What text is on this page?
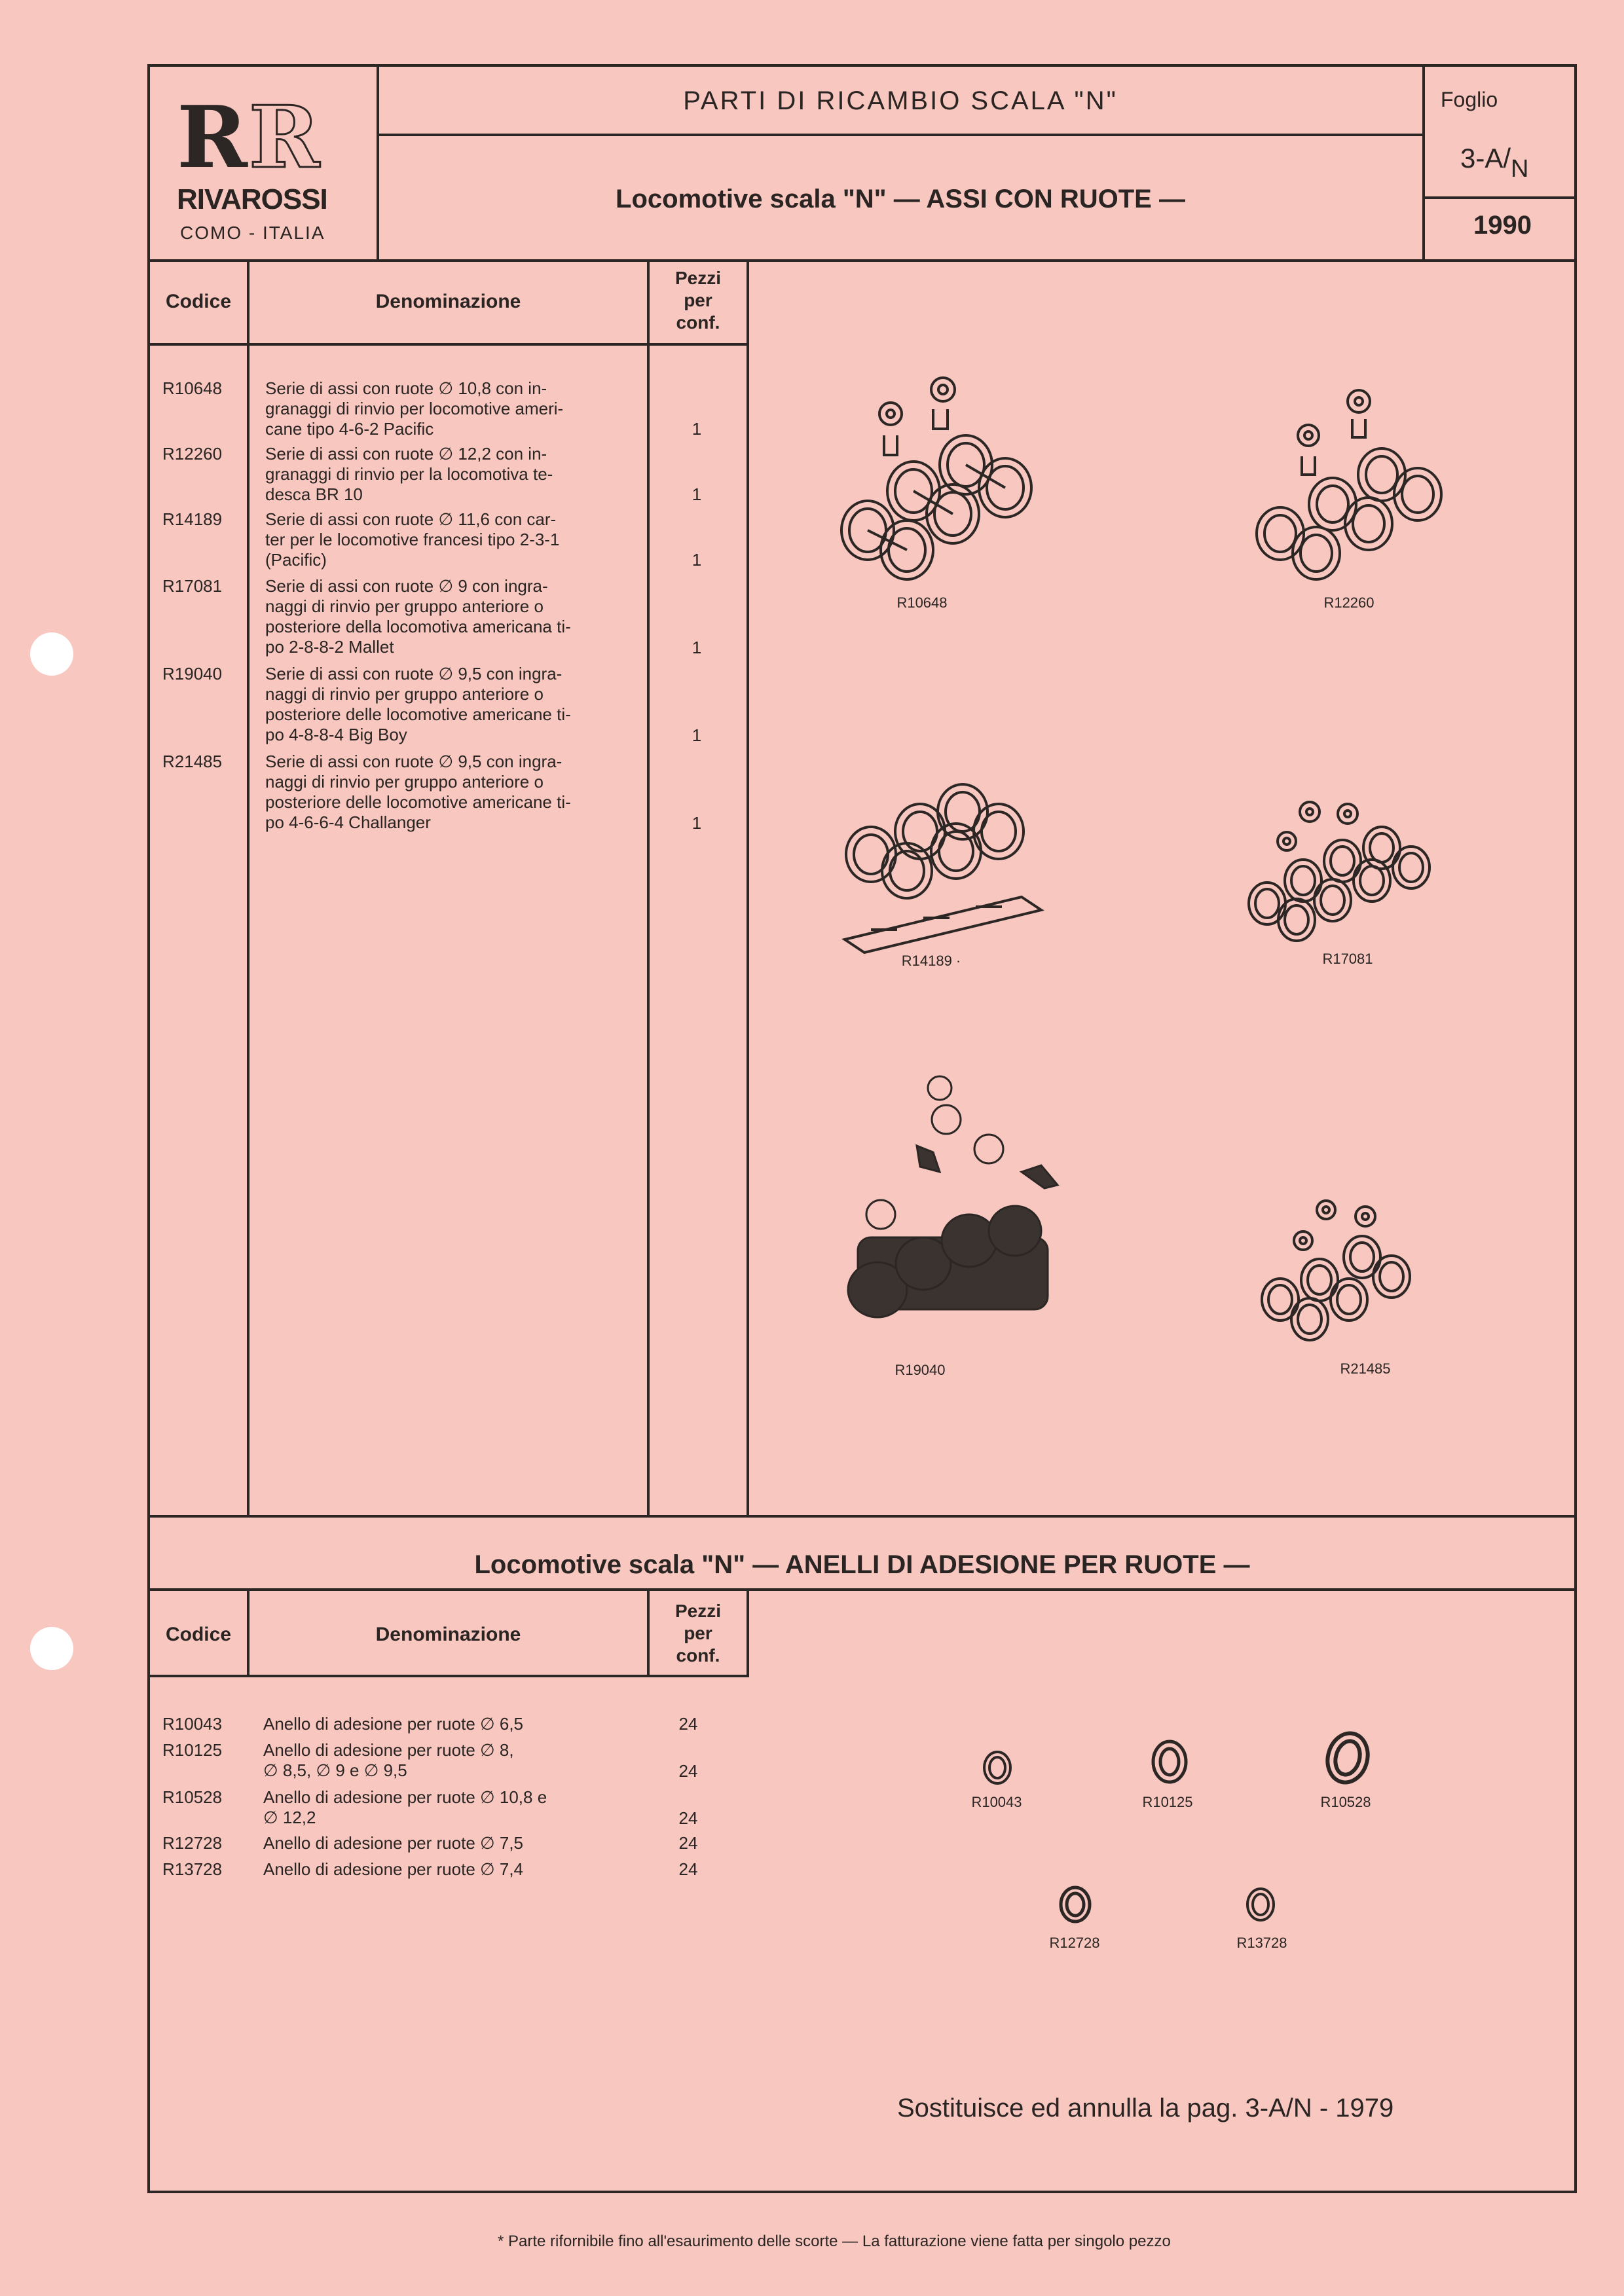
R R
RIVAROSSI
COMO - ITALIA
PARTI DI RICAMBIO SCALA "N"
Locomotive scala "N" — ASSI CON RUOTE —
Foglio
3-A/N
1990
Codice	Denominazione
Pezzi
per
conf.
R10648	Serie di assi con ruote ∅ 10,8 con in-
granaggi di rinvio per locomotive ameri-
cane tipo 4-6-2 Pacific	1
R12260	Serie di assi con ruote ∅ 12,2 con in-
granaggi di rinvio per la locomotiva te-
desca BR 10	1
R14189	Serie di assi con ruote ∅ 11,6 con car-
ter per le locomotive francesi tipo 2-3-1
(Pacific)	1
R17081	Serie di assi con ruote ∅ 9 con ingra-
naggi di rinvio per gruppo anteriore o
posteriore della locomotiva americana ti-
po 2-8-8-2 Mallet	1
R19040	Serie di assi con ruote ∅ 9,5 con ingra-
naggi di rinvio per gruppo anteriore o
posteriore delle locomotive americane ti-
po 4-8-8-4 Big Boy	1
R21485	Serie di assi con ruote ∅ 9,5 con ingra-
naggi di rinvio per gruppo anteriore o
posteriore delle locomotive americane ti-
po 4-6-6-4 Challanger	1
R10648	R12260
R14189 ·	R17081
R19040	R21485
Locomotive scala "N" — ANELLI DI ADESIONE PER RUOTE —
Codice	Denominazione
Pezzi
per
conf.
R10043 Anello di adesione per ruote ∅ 6,5	24
R10125 Anello di adesione per ruote ∅ 8,
∅ 8,5, ∅ 9 e ∅ 9,5	24
R10528 Anello di adesione per ruote ∅ 10,8 e
∅ 12,2	24
R12728 Anello di adesione per ruote ∅ 7,5	24
R13728 Anello di adesione per ruote ∅ 7,4	24
R10043	R10125	R10528
R12728	R13728
Sostituisce ed annulla la pag. 3-A/N - 1979
* Parte rifornibile fino all'esaurimento delle scorte — La fatturazione viene fatta per singolo pezzo
